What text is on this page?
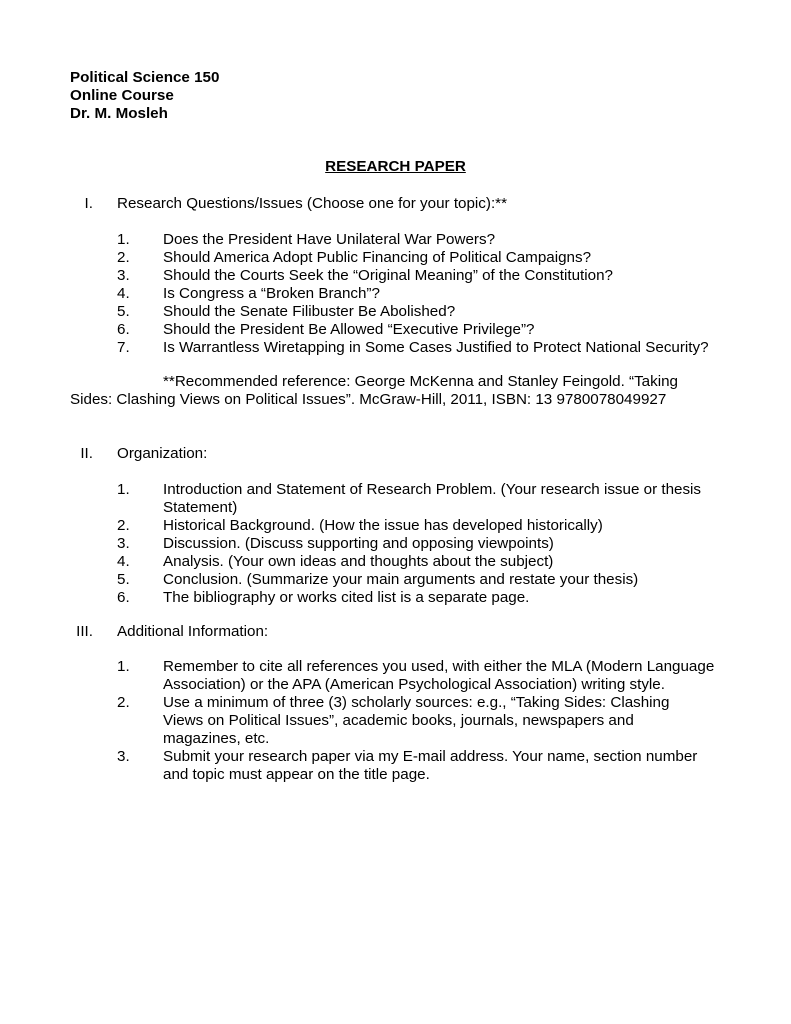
Political Science 150
Online Course
Dr. M. Mosleh
RESEARCH PAPER
I. Research Questions/Issues (Choose one for your topic):**
1. Does the President Have Unilateral War Powers?
2. Should America Adopt Public Financing of Political Campaigns?
3. Should the Courts Seek the “Original Meaning” of the Constitution?
4. Is Congress a “Broken Branch”?
5. Should the Senate Filibuster Be Abolished?
6. Should the President Be Allowed “Executive Privilege”?
7. Is Warrantless Wiretapping in Some Cases Justified to Protect National Security?
**Recommended reference: George McKenna and Stanley Feingold. “Taking
Sides: Clashing Views on Political Issues”. McGraw-Hill, 2011, ISBN: 13 9780078049927
II. Organization:
1. Introduction and Statement of Research Problem. (Your research issue or thesis Statement)
2. Historical Background. (How the issue has developed historically)
3. Discussion. (Discuss supporting and opposing viewpoints)
4. Analysis. (Your own ideas and thoughts about the subject)
5. Conclusion. (Summarize your main arguments and restate your thesis)
6. The bibliography or works cited list is a separate page.
III. Additional Information:
1. Remember to cite all references you used, with either the MLA (Modern Language Association) or the APA (American Psychological Association) writing style.
2. Use a minimum of three (3) scholarly sources: e.g., “Taking Sides: Clashing Views on Political Issues”, academic books, journals, newspapers and magazines, etc.
3. Submit your research paper via my E-mail address. Your name, section number and topic must appear on the title page.
